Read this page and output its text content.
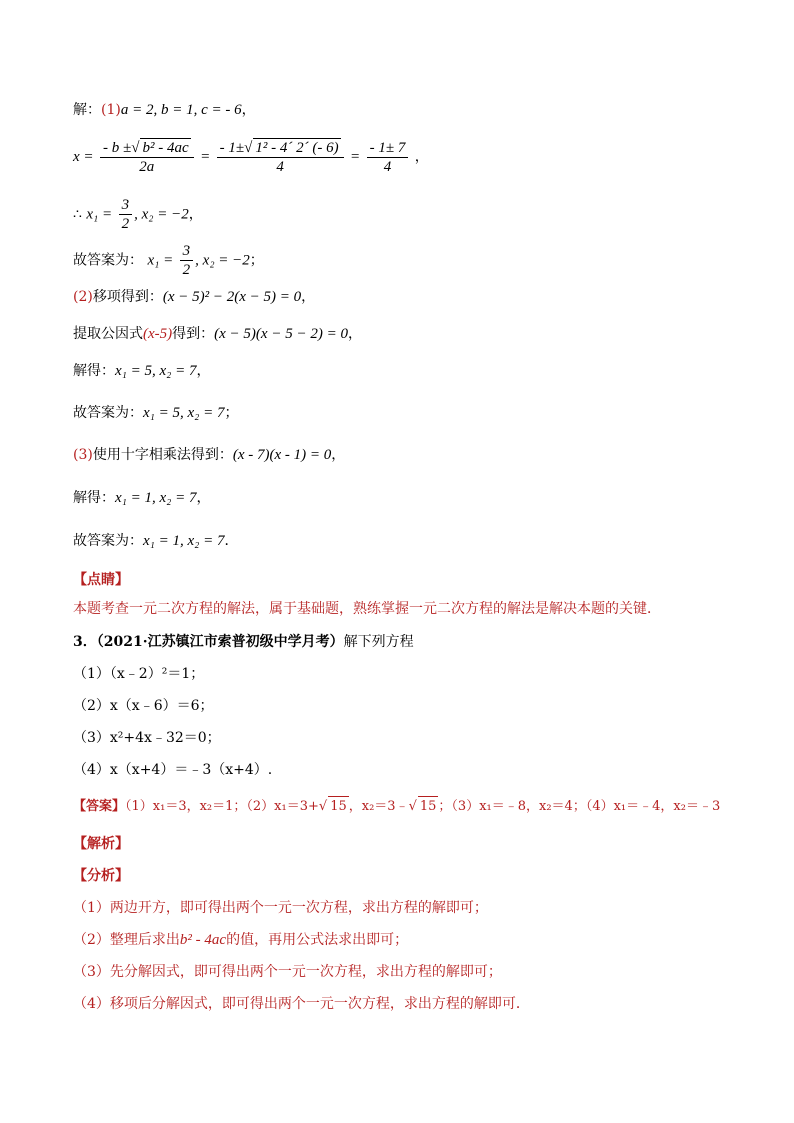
解：(1)a = 2, b = 1, c = - 6，
$x = \frac{\text{- b ±√ b² - 4ac}}{2a} = \frac{\text{- 1±√ 1² - 4´ 2´ (- 6)}}{4} = \frac{- 1\pm 7}{4}$ ，
∴ $x_1 = \frac{3}{2}$ , x₂ = −2，
故答案为： $x_1 = \frac{3}{2}$ , x₂ = −2；
(2)移项得到：(x − 5)² − 2(x − 5) = 0，
提取公因式(x-5)得到：(x − 5)(x − 5 − 2) = 0，
解得：x₁ = 5, x₂ = 7，
故答案为：x₁ = 5, x₂ = 7；
(3)使用十字相乘法得到：(x - 7)(x - 1) = 0，
解得：x₁ = 1, x₂ = 7，
故答案为：x₁ = 1, x₂ = 7．
【点睛】
本题考查一元二次方程的解法，属于基础题，熟练掌握一元二次方程的解法是解决本题的关键．
3．（2021·江苏镇江市索普初级中学月考）解下列方程
（1）（x﹣2）²＝1；
（2）x（x﹣6）＝6；
（3）x²+4x﹣32＝0；
（4）x（x+4）＝﹣3（x+4）.
【答案】（1）x₁＝3，x₂＝1；（2）x₁＝3+√ 15 ，x₂＝3﹣√ 15 ；（3）x₁＝﹣8，x₂＝4；（4）x₁＝﹣4，x₂＝﹣3
【解析】
【分析】
（1）两边开方，即可得出两个一元一次方程，求出方程的解即可；
（2）整理后求出b² - 4ac的值，再用公式法求出即可；
（3）先分解因式，即可得出两个一元一次方程，求出方程的解即可；
（4）移项后分解因式，即可得出两个一元一次方程，求出方程的解即可．
